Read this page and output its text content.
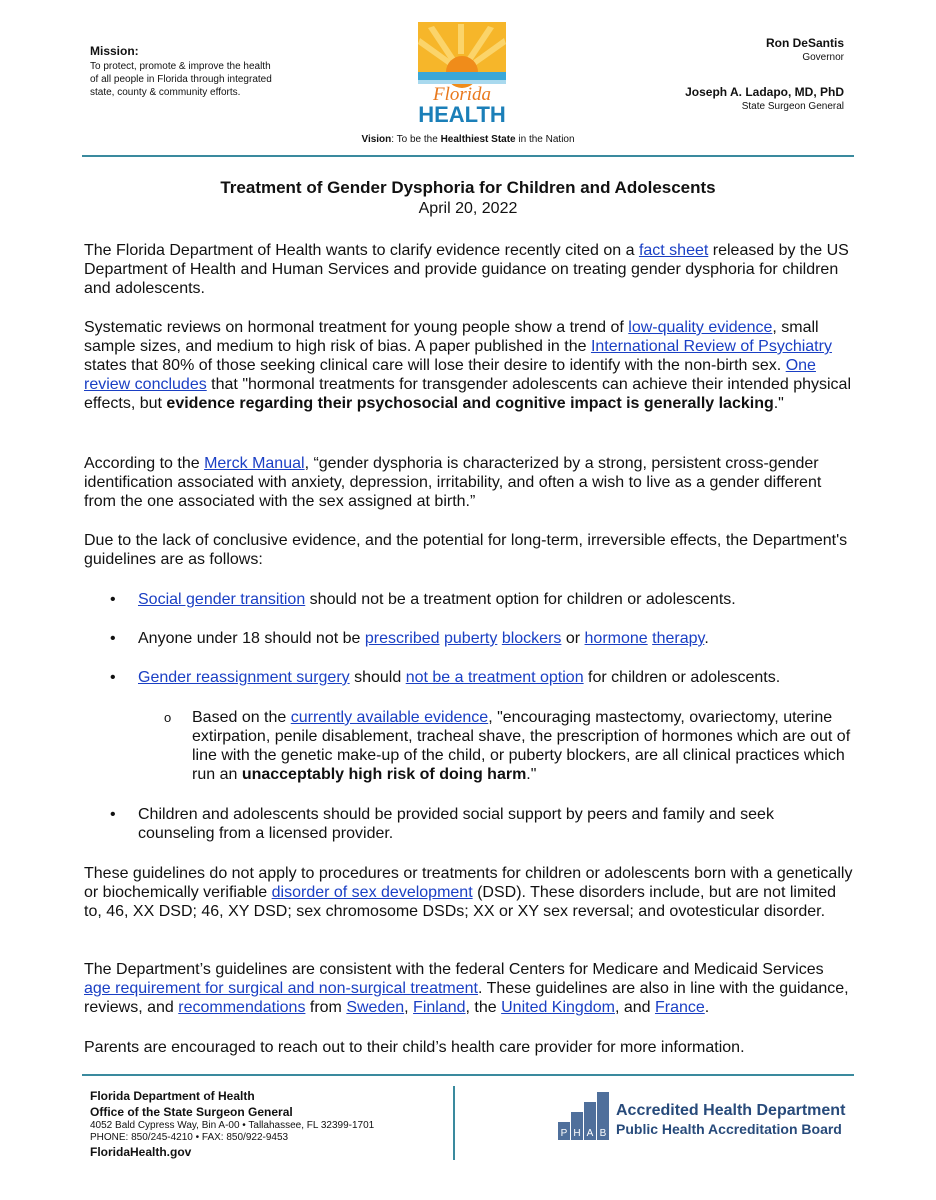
Mission:
To protect, promote & improve the health
of all people in Florida through integrated
state, county & community efforts.	Florida
HEALTH
Ron DeSantis
Governor
Joseph A. Ladapo, MD, PhD
State Surgeon General
Vision: To be the Healthiest State in the Nation
Treatment of Gender Dysphoria for Children and Adolescents
April 20, 2022

The Florida Department of Health wants to clarify evidence recently cited on a fact sheet released by the US Department of Health and Human Services and provide guidance on treating gender dysphoria for children and adolescents.

Systematic reviews on hormonal treatment for young people show a trend of low-quality evidence, small sample sizes, and medium to high risk of bias. A paper published in the International Review of Psychiatry states that 80% of those seeking clinical care will lose their desire to identify with the non-birth sex. One review concludes that "hormonal treatments for transgender adolescents can achieve their intended physical effects, but evidence regarding their psychosocial and cognitive impact is generally lacking."

According to the Merck Manual, “gender dysphoria is characterized by a strong, persistent cross-gender identification associated with anxiety, depression, irritability, and often a wish to live as a gender different from the one associated with the sex assigned at birth.”

Due to the lack of conclusive evidence, and the potential for long-term, irreversible effects, the Department's guidelines are as follows:

• Social gender transition should not be a treatment option for children or adolescents.
• Anyone under 18 should not be prescribed puberty blockers or hormone therapy.
• Gender reassignment surgery should not be a treatment option for children or adolescents.
o Based on the currently available evidence, "encouraging mastectomy, ovariectomy, uterine extirpation, penile disablement, tracheal shave, the prescription of hormones which are out of line with the genetic make-up of the child, or puberty blockers, are all clinical practices which run an unacceptably high risk of doing harm."
• Children and adolescents should be provided social support by peers and family and seek counseling from a licensed provider.

These guidelines do not apply to procedures or treatments for children or adolescents born with a genetically or biochemically verifiable disorder of sex development (DSD). These disorders include, but are not limited to, 46, XX DSD; 46, XY DSD; sex chromosome DSDs; XX or XY sex reversal; and ovotesticular disorder.

The Department’s guidelines are consistent with the federal Centers for Medicare and Medicaid Services age requirement for surgical and non-surgical treatment. These guidelines are also in line with the guidance, reviews, and recommendations from Sweden, Finland, the United Kingdom, and France.

Parents are encouraged to reach out to their child’s health care provider for more information.

Florida Department of Health
Office of the State Surgeon General
4052 Bald Cypress Way, Bin A-00 • Tallahassee, FL 32399-1701
PHONE: 850/245-4210 • FAX: 850/922-9453
FloridaHealth.gov
P H A B
Accredited Health Department
Public Health Accreditation Board
